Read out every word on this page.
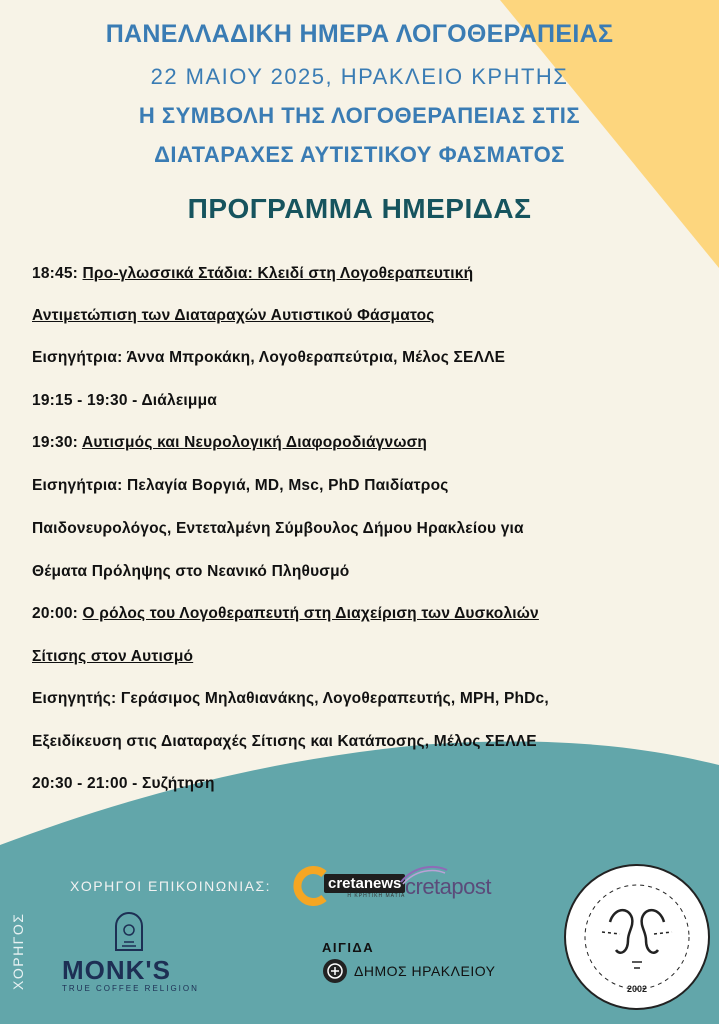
ΠΑΝΕΛΛΑΔΙΚΗ ΗΜΕΡΑ ΛΟΓΟΘΕΡΑΠΕΙΑΣ
22 ΜΑΙΟΥ 2025, ΗΡΑΚΛΕΙΟ ΚΡΗΤΗΣ
Η ΣΥΜΒΟΛΗ ΤΗΣ ΛΟΓΟΘΕΡΑΠΕΙΑΣ ΣΤΙΣ
ΔΙΑΤΑΡΑΧΕΣ ΑΥΤΙΣΤΙΚΟΥ ΦΑΣΜΑΤΟΣ
ΠΡΟΓΡΑΜΜΑ ΗΜΕΡΙΔΑΣ
18:45: Προ-γλωσσικά Στάδια: Κλειδί στη Λογοθεραπευτική
Αντιμετώπιση των Διαταραχών Αυτιστικού Φάσματος
Εισηγήτρια: Άννα Μπροκάκη, Λογοθεραπεύτρια, Μέλος ΣΕΛΛΕ
19:15 - 19:30 - Διάλειμμα
19:30: Αυτισμός και Νευρολογική Διαφοροδιάγνωση
Εισηγήτρια: Πελαγία Βοργιά, MD, Msc, PhD Παιδίατρος
Παιδονευρολόγος, Εντεταλμένη Σύμβουλος Δήμου Ηρακλείου για
Θέματα Πρόληψης στο Νεανικό Πληθυσμό
20:00: Ο ρόλος του Λογοθεραπευτή στη Διαχείριση των Δυσκολιών
Σίτισης στον Αυτισμό
Εισηγητής: Γεράσιμος Μηλαθιανάκης, Λογοθεραπευτής, MPH, PhDc,
Εξειδίκευση στις Διαταραχές Σίτισης και Κατάποσης, Μέλος ΣΕΛΛΕ
20:30 - 21:00 - Συζήτηση
ΧΟΡΗΓΟΙ ΕΠΙΚΟΙΝΩΝΙΑΣ:
ΧΟΡΗΓΟΣ
cretanews
Η ΚΡΗΤΙΚΗ ΜΑΤΙΑ cretapost
MONK'S
TRUE COFFEE RELIGION
ΑΙΓΙΔΑ
ΔΗΜΟΣ ΗΡΑΚΛΕΙΟΥ
2002
